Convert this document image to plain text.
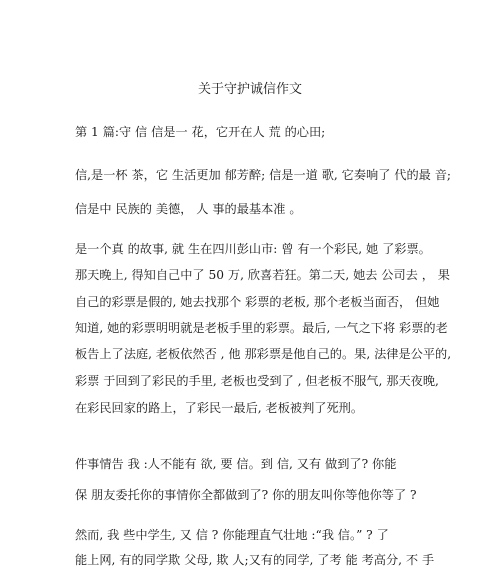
关于守护诚信作文

第 1 篇:守 信 信是一 花，它开在人 荒 的心田;

信,是一杯 茶，它 生活更加 郁芳醉; 信是一道 歌, 它奏响了 代的最 音;

信是中 民族的 美德， 人 事的最基本准 。

是一个真 的故事, 就 生在四川彭山市: 曾 有一个彩民, 她 了彩票。

那天晚上, 得知自己中了 50 万, 欣喜若狂。第二天, 她去 公司去 ， 果

自己的彩票是假的, 她去找那个 彩票的老板, 那个老板当面否， 但她

知道, 她的彩票明明就是老板手里的彩票。最后, 一气之下将 彩票的老

板告上了法庭, 老板依然否 , 他 那彩票是他自己的。果, 法律是公平的,

彩票 于回到了彩民的手里, 老板也受到了 , 但老板不服气, 那天夜晚,

在彩民回家的路上，了彩民一最后, 老板被判了死刑。

件事情告 我 :人不能有 欲, 要 信。到 信, 又有 做到了? 你能

保 朋友委托你的事情你全都做到了? 你的朋友叫你等他你等了 ?

然而, 我 些中学生, 又 信 ? 你能理直气壮地 :“我 信。” ? 了

能上网, 有的同学欺 父母, 欺 人;又有的同学, 了考 能 考高分, 不 手
